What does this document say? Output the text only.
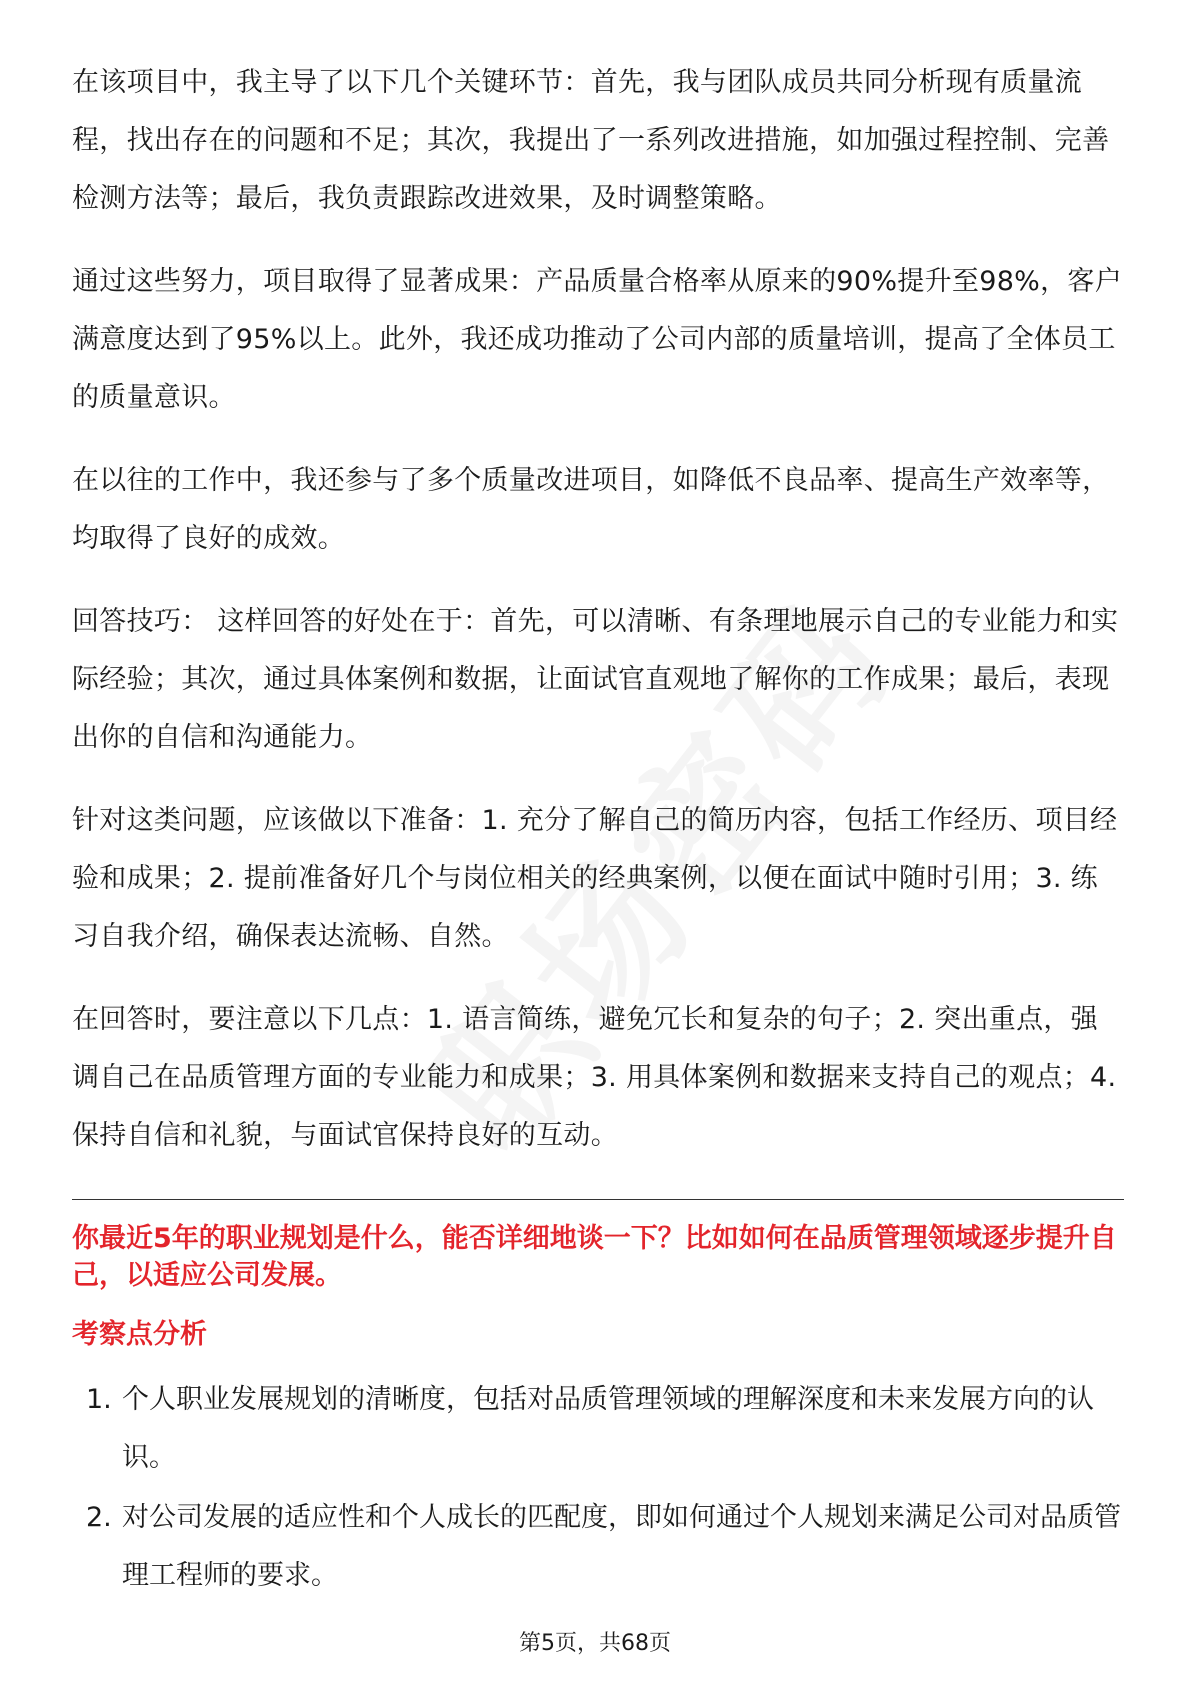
在该项目中，我主导了以下几个关键环节：首先，我与团队成员共同分析现有质量流程，找出存在的问题和不足；其次，我提出了一系列改进措施，如加强过程控制、完善检测方法等；最后，我负责跟踪改进效果，及时调整策略。

通过这些努力，项目取得了显著成果：产品质量合格率从原来的90%提升至98%，客户满意度达到了95%以上。此外，我还成功推动了公司内部的质量培训，提高了全体员工的质量意识。

在以往的工作中，我还参与了多个质量改进项目，如降低不良品率、提高生产效率等，均取得了良好的成效。

回答技巧： 这样回答的好处在于：首先，可以清晰、有条理地展示自己的专业能力和实际经验；其次，通过具体案例和数据，让面试官直观地了解你的工作成果；最后，表现出你的自信和沟通能力。

针对这类问题，应该做以下准备：1. 充分了解自己的简历内容，包括工作经历、项目经验和成果；2. 提前准备好几个与岗位相关的经典案例，以便在面试中随时引用；3. 练习自我介绍，确保表达流畅、自然。

在回答时，要注意以下几点：1. 语言简练，避免冗长和复杂的句子；2. 突出重点，强调自己在品质管理方面的专业能力和成果；3. 用具体案例和数据来支持自己的观点；4. 保持自信和礼貌，与面试官保持良好的互动。

你最近5年的职业规划是什么，能否详细地谈一下？比如如何在品质管理领域逐步提升自己，以适应公司发展。
考察点分析
1. 个人职业发展规划的清晰度，包括对品质管理领域的理解深度和未来发展方向的认识。
2. 对公司发展的适应性和个人成长的匹配度，即如何通过个人规划来满足公司对品质管理工程师的要求。
第5页，共68页
